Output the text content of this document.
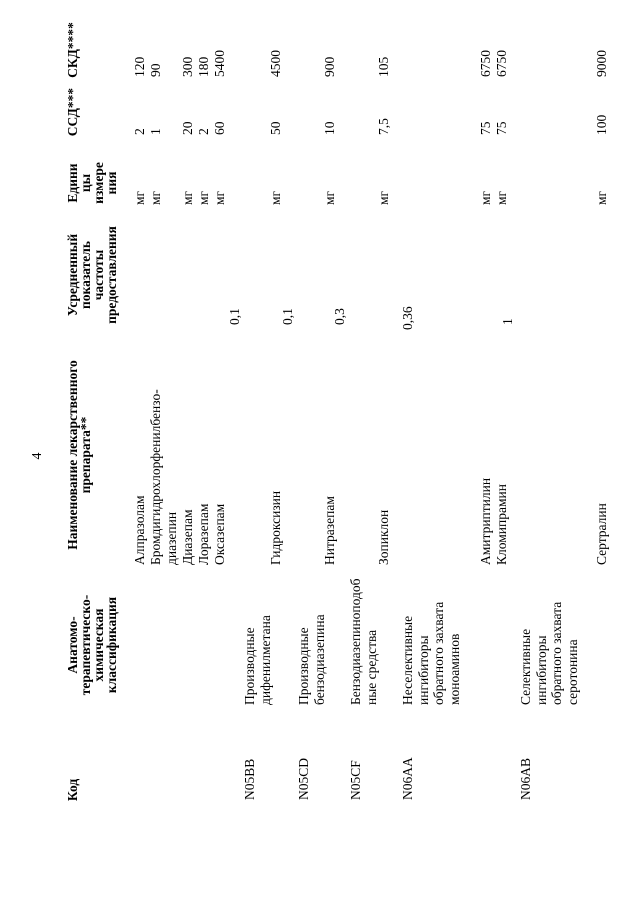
4
Код
Анатомо-
терапевтическо-
химическая
классификация
Наименование лекарственного
препарата**
Усредненный
показатель
частоты
предоставления
Едини
цы
измере
ния
ССД***
СКД****
Алпразолам
мг
2
120
Бромдигидрохлорфенилбензо-
мг
1
90
диазепин Диазепам
мг
20
300
Лоразепам
мг
2
180
Оксазепам
мг
60
5400
N05BB
Производные дифенилметана
0,1
Гидроксизин
мг
50
4500
N05CD
Производные бензодиазепина
0,1
Нитразепам
мг
10
900
N05CF
Бензодиазепиноподобные средства
0,3
Зопиклон
мг
7,5
105
N06AA
Неселективные ингибиторы обратного захвата моноаминов
0,36
Амитриптилин
мг
75
6750
Кломипрамин
мг
75
6750
N06AB
Селективные ингибиторы обратного захвата серотонина
1
Сертралин
мг
100
9000
